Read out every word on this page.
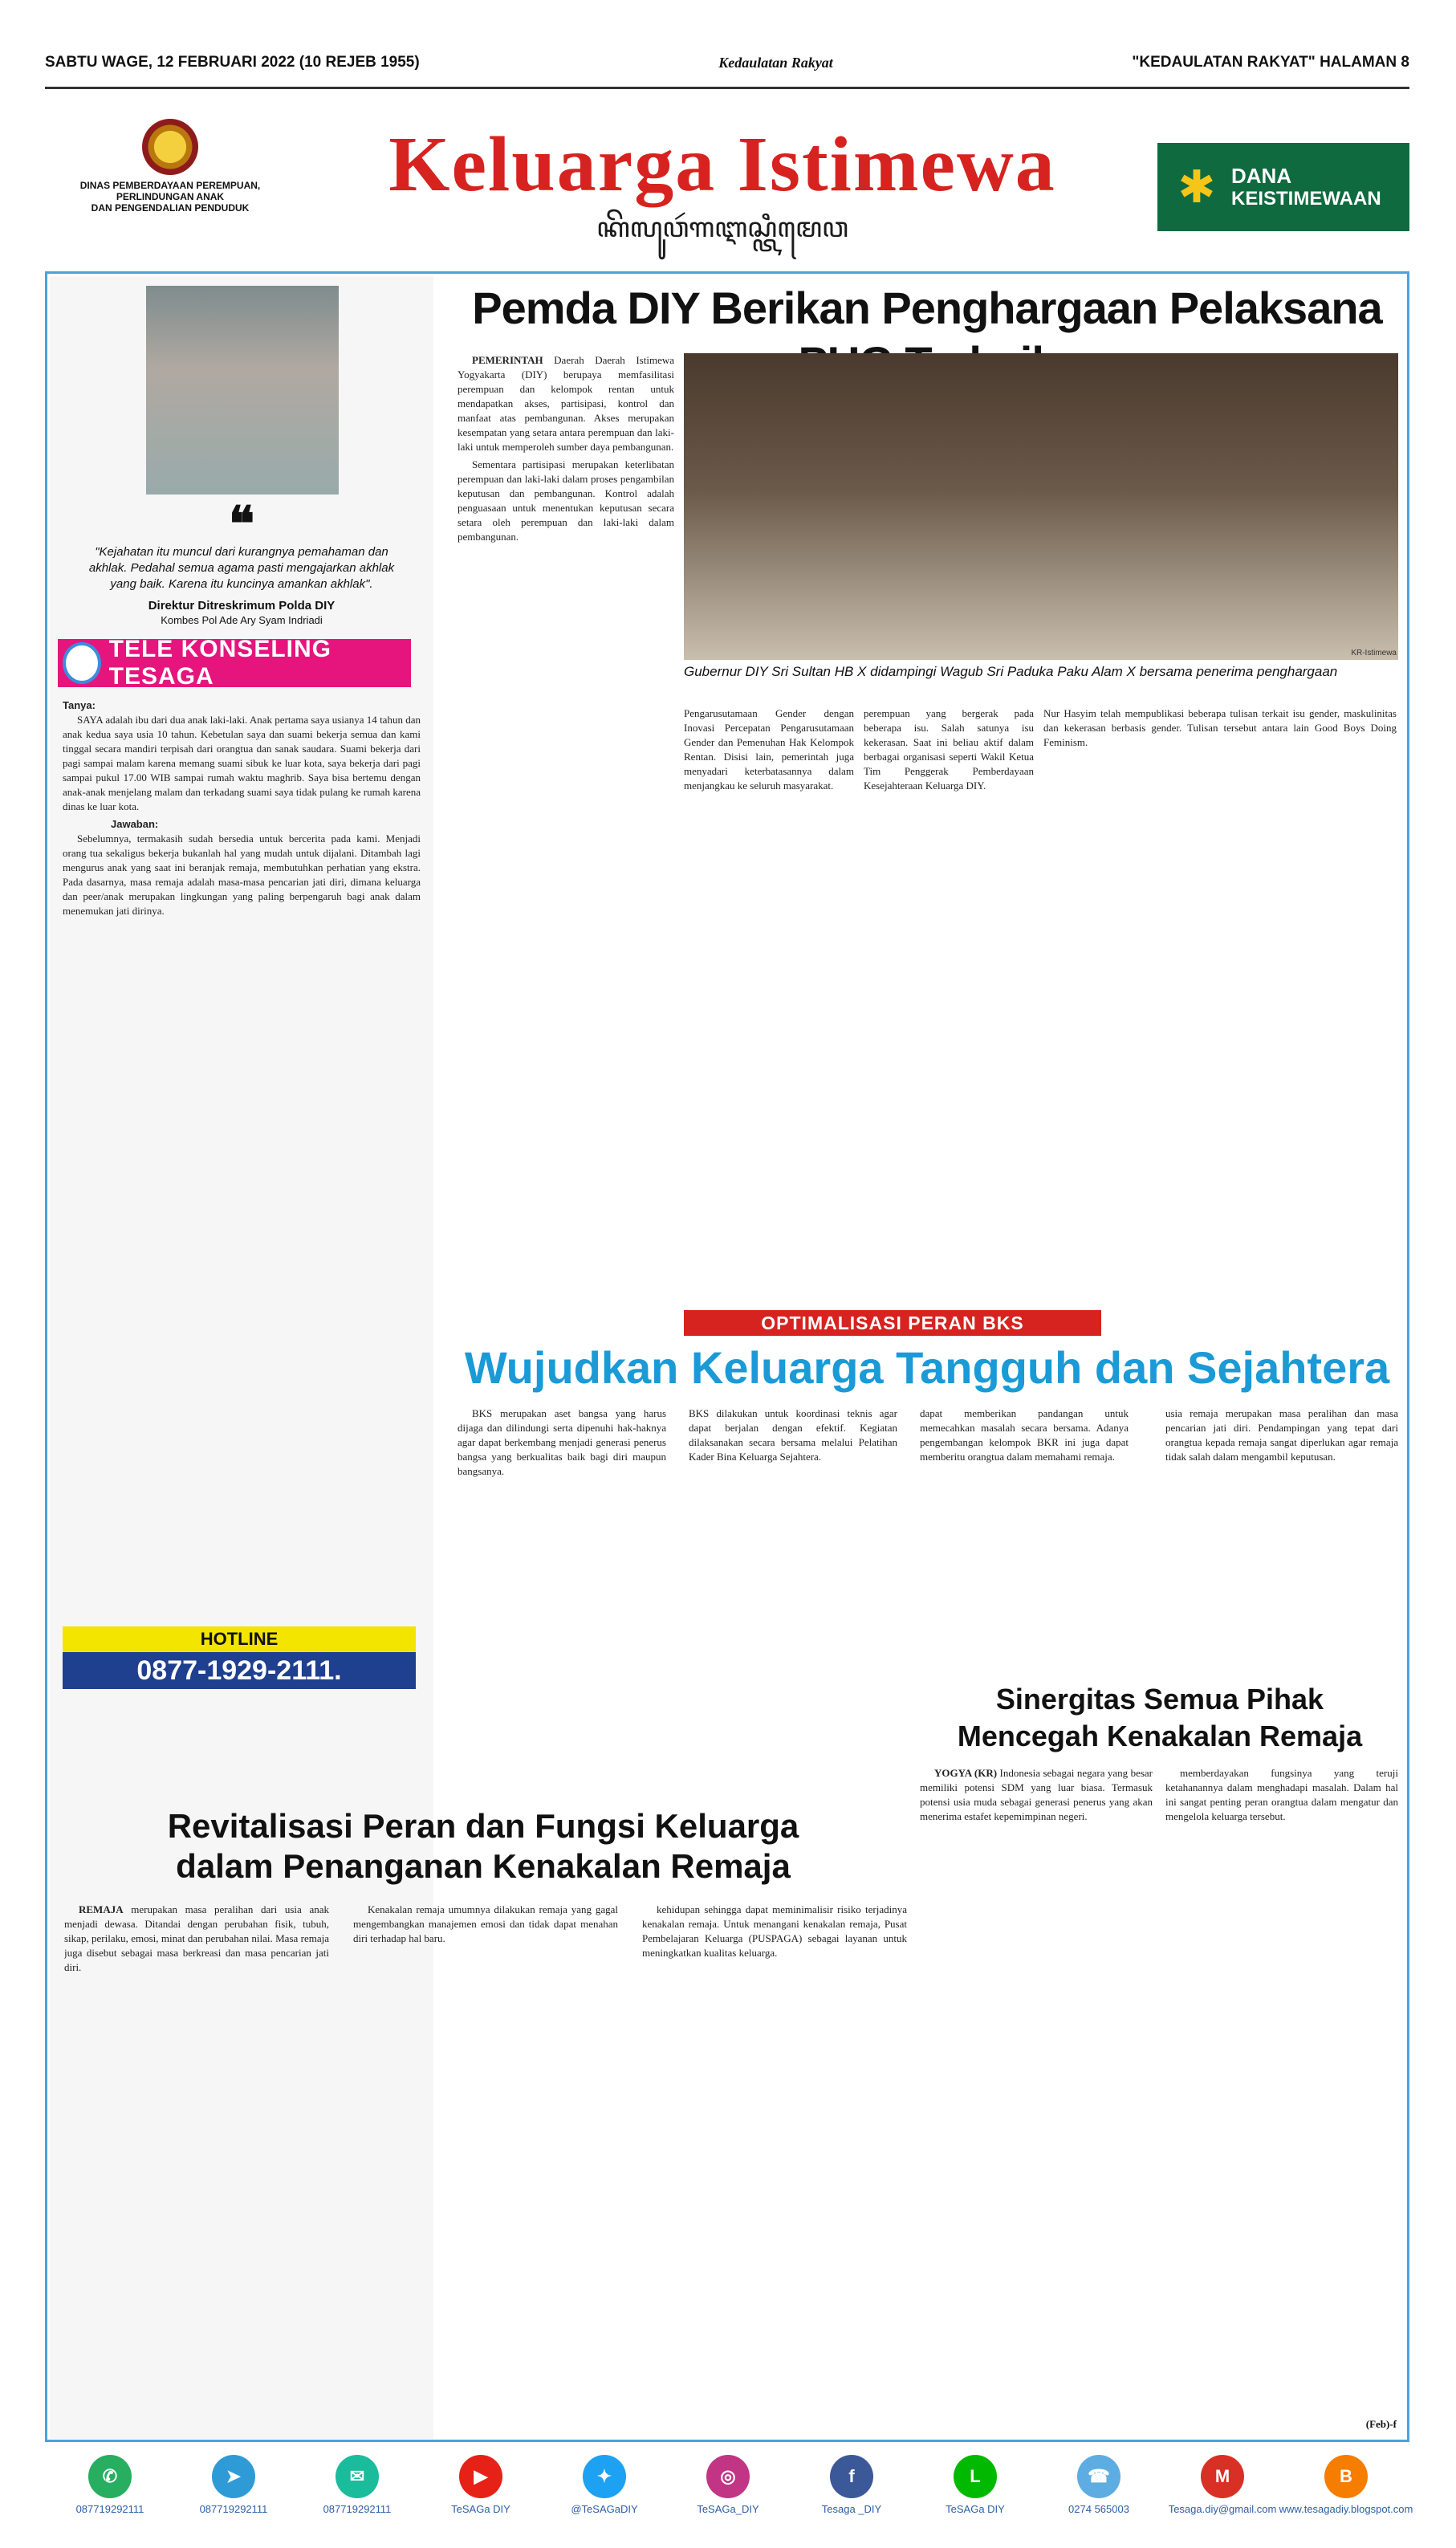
SABTU WAGE, 12 FEBRUARI 2022 (10 REJEB 1955)	Kedaulatan Rakyat	"KEDAULATAN RAKYAT" HALAMAN 8
DINAS PEMBERDAYAAN PEREMPUAN,
PERLINDUNGAN ANAK
DAN PENGENDALIAN PENDUDUK	Keluarga Istimewa
ꦏꦼꦭꦸꦮꦂꦒꦆꦱ꧀ꦠꦶꦩꦺꦮ
✱ DANA
KEISTIMEWAAN
❝
"Kejahatan itu muncul dari kurangnya pemahaman dan akhlak. Pedahal semua agama pasti mengajarkan akhlak yang baik. Karena itu kuncinya amankan akhlak".
Direktur Ditreskrimum Polda DIY
Kombes Pol Ade Ary Syam Indriadi
TELE KONSELING TESAGA
Tanya:

SAYA adalah ibu dari dua anak laki-laki. Anak pertama saya usianya 14 tahun dan anak kedua saya usia 10 tahun. Kebetulan saya dan suami bekerja semua dan kami tinggal secara mandiri terpisah dari orangtua dan sanak saudara. Suami bekerja dari pagi sampai malam karena memang suami sibuk ke luar kota, saya bekerja dari pagi sampai pukul 17.00 WIB sampai rumah waktu maghrib. Saya bisa bertemu dengan anak-anak menjelang malam dan terkadang suami saya tidak pulang ke rumah karena dinas ke luar kota.

Jawaban:

Sebelumnya, termakasih sudah bersedia untuk bercerita pada kami. Menjadi orang tua sekaligus bekerja bukanlah hal yang mudah untuk dijalani. Ditambah lagi mengurus anak yang saat ini beranjak remaja, membutuhkan perhatian yang ekstra. Pada dasarnya, masa remaja adalah masa-masa pencarian jati diri, dimana keluarga dan peer/anak merupakan lingkungan yang paling berpengaruh bagi anak dalam menemukan jati dirinya.

HOTLINE
0877-1929-2111.
Pemda DIY Berikan Penghargaan Pelaksana

PEMERINTAH Daerah Daerah Istimewa Yogyakarta (DIY) berupaya memfasilitasi perempuan dan kelompok rentan untuk mendapatkan akses, partisipasi, kontrol dan manfaat atas pembangunan. Akses merupakan kesempatan yang setara antara perempuan dan laki-laki untuk memperoleh sumber daya pembangunan.

Sementara partisipasi merupakan keterlibatan perempuan dan laki-laki dalam proses pengambilan keputusan dan pembangunan. Kontrol adalah penguasaan untuk menentukan keputusan secara setara oleh perempuan dan laki-laki dalam pembangunan.

KR-Istimewa
Gubernur DIY Sri Sultan HB X didampingi Wagub Sri Paduka Paku Alam X bersama penerima penghargaan
Pengarusutamaan Gender dengan Inovasi Percepatan Pengarusutamaan Gender dan Pemenuhan Hak Kelompok Rentan. Disisi lain, pemerintah juga menyadari keterbatasannya dalam menjangkau ke seluruh masyarakat.
perempuan yang bergerak pada beberapa isu. Salah satunya isu kekerasan. Saat ini beliau aktif dalam berbagai organisasi seperti Wakil Ketua Tim Penggerak Pemberdayaan Kesejahteraan Keluarga DIY.
Nur Hasyim telah mempublikasi beberapa tulisan terkait isu gender, maskulinitas dan kekerasan berbasis gender. Tulisan tersebut antara lain Good Boys Doing Feminism.
OPTIMALISASI PERAN BKS
Wujudkan Keluarga Tangguh dan Sejahtera

BKS merupakan aset bangsa yang harus dijaga dan dilindungi serta dipenuhi hak-haknya agar dapat berkembang menjadi generasi penerus bangsa yang berkualitas baik bagi diri maupun bangsanya.

BKS dilakukan untuk koordinasi teknis agar dapat berjalan dengan efektif. Kegiatan dilaksanakan secara bersama melalui Pelatihan Kader Bina Keluarga Sejahtera.
dapat memberikan pandangan untuk memecahkan masalah secara bersama. Adanya pengembangan kelompok BKR ini juga dapat memberitu orangtua dalam memahami remaja.
usia remaja merupakan masa peralihan dan masa pencarian jati diri. Pendampingan yang tepat dari orangtua kepada remaja sangat diperlukan agar remaja tidak salah dalam mengambil keputusan.
Sinergitas Semua Pihak
Mencegah Kenakalan Remaja

YOGYA (KR) Indonesia sebagai negara yang besar memiliki potensi SDM yang luar biasa. Termasuk potensi usia muda sebagai generasi penerus yang akan menerima estafet kepemimpinan negeri.

memberdayakan fungsinya yang teruji ketahanannya dalam menghadapi masalah. Dalam hal ini sangat penting peran orangtua dalam mengatur dan mengelola keluarga tersebut.

(Feb)-f
Revitalisasi Peran dan Fungsi Keluarga
dalam Penanganan Kenakalan Remaja

REMAJA merupakan masa peralihan dari usia anak menjadi dewasa. Ditandai dengan perubahan fisik, tubuh, sikap, perilaku, emosi, minat dan perubahan nilai. Masa remaja juga disebut sebagai masa berkreasi dan masa pencarian jati diri.

Kenakalan remaja umumnya dilakukan remaja yang gagal mengembangkan manajemen emosi dan tidak dapat menahan diri terhadap hal baru.

kehidupan sehingga dapat meminimalisir risiko terjadinya kenakalan remaja. Untuk menangani kenakalan remaja, Pusat Pembelajaran Keluarga (PUSPAGA) sebagai layanan untuk meningkatkan kualitas keluarga.

✆
087719292111
➤
087719292111
✉
087719292111
▶
TeSAGa DIY
✦
@TeSAGaDIY
◎
TeSAGa_DIY
f
Tesaga _DIY
L
TeSAGa DIY
☎
0274 565003
M
Tesaga.diy@gmail.com
B
www.tesagadiy.blogspot.com
